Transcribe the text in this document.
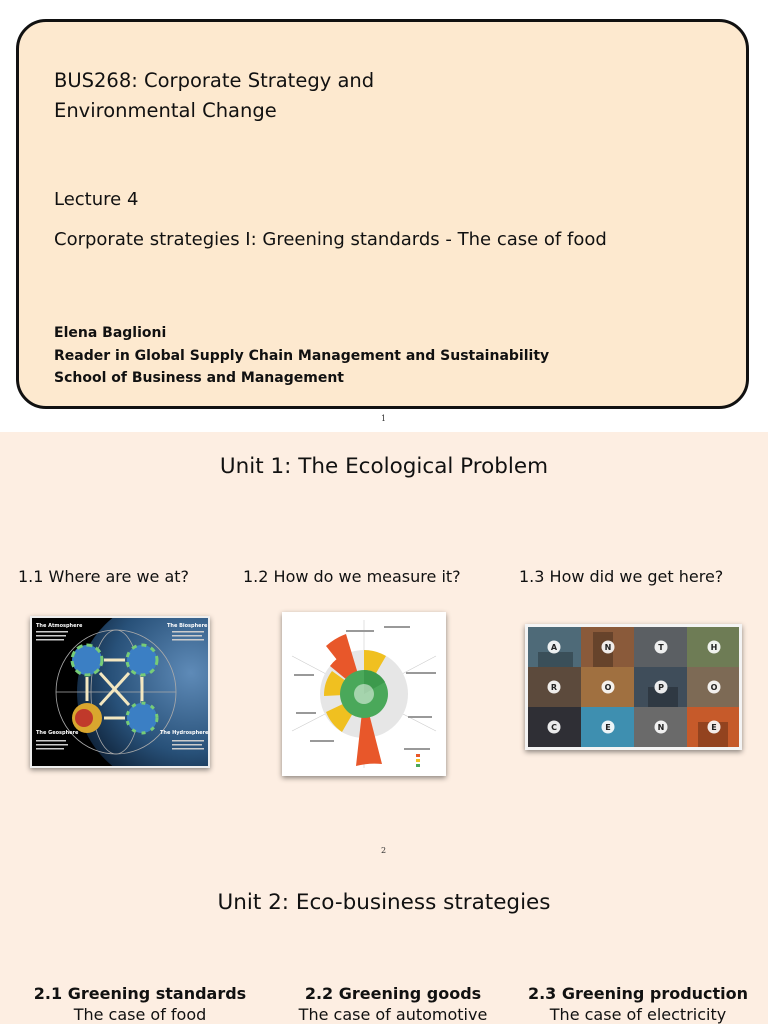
BUS268: Corporate Strategy and
Environmental Change

Lecture 4

Corporate strategies I: Greening standards - The case of food

Elena Baglioni
Reader in Global Supply Chain Management and Sustainability
School of Business and Management
1
Unit 1: The Ecological Problem
1.1 Where are we at?	1.2 How do we measure it?	1.3 How did we get here?
The Atmosphere	The Biosphere
The Geosphere	The Hydrosphere
A	N	T	H
R	O	P	O
C	E	N	E
2
Unit 2: Eco-business strategies
2.1 Greening standards
The case of food
2.2 Greening goods
The case of automotive
2.3 Greening production
The case of electricity
